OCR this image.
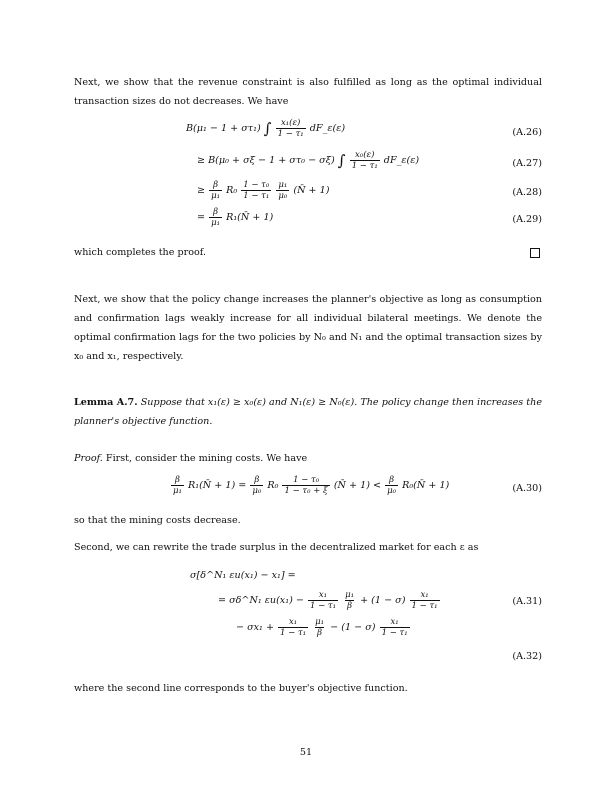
Next, we show that the revenue constraint is also fulfilled as long as the optimal individual transaction sizes do not decreases. We have

B(μ₁ − 1 + στ₁) ∫ $\frac{\text{x₁(ε)}}{\text{1 − τ₁}}$ dF_ε(ε)	(A.26)
≥ B(μ₀ + σξ − 1 + στ₀ − σξ) ∫ $\frac{\text{x₀(ε)}}{\text{1 − τ₁}}$ dF_ε(ε)	(A.27)
≥ $\frac{\beta}{\text{μ₁}} R_0 \frac{\text{1 − τ₀}}{\text{1 − τ₁}}$
$\frac{\text{μ₁}}{\text{μ₀}}$ (N̄ + 1)	(A.28)
= $\frac{\beta}{\text{μ₁}}$ R₁(N̄ + 1)	(A.29)

which completes the proof.

Next, we show that the policy change increases the planner's objective as long as consumption and confirmation lags weakly increase for all individual bilateral meetings. We denote the optimal confirmation lags for the two policies by N₀ and N₁ and the optimal transaction sizes by x₀ and x₁, respectively.

Lemma A.7. Suppose that x₁(ε) ≥ x₀(ε) and N₁(ε) ≥ N₀(ε). The policy change then increases the planner's objective function.

Proof. First, consider the mining costs. We have

$\frac{\beta}{\text{μ₁}}$ R₁(N̄ + $1) = \frac{\beta}{\text{μ₀}} R_0 \frac{\text{1 − τ₀}}{\text{1 − τ₀ + ξ}}$ (N̄ + $1) < \frac{\beta}{\text{μ₀}}$ R₀(N̄ + 1)	(A.30)

so that the mining costs decrease.

Second, we can rewrite the trade surplus in the decentralized market for each ε as

σ[δ^N₁ εu(x₁) − x₁] =
= σδ^N₁ $\varepsilon u(x_1) - \frac{\text{x₁}}{\text{1 − τ₁}}$
$\frac{\text{μ₁}}{\beta} + (1 - \sigma) \frac{\text{x₁}}{\text{1 − τ₁}}$	(A.31)
− $\sigma x_1 + \frac{\text{x₁}}{\text{1 − τ₁}}$
$\frac{\text{μ₁}}{\beta} - (1 - \sigma) \frac{\text{x₁}}{\text{1 − τ₁}}$
(A.32)

where the second line corresponds to the buyer's objective function.

51
